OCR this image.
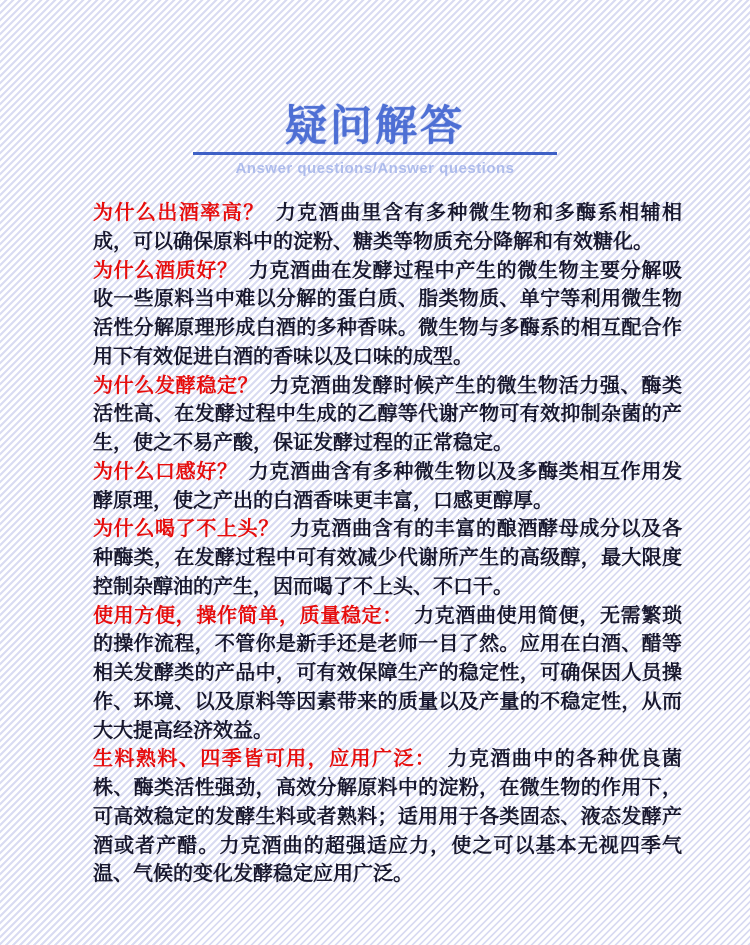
疑问解答
Answer questions/Answer questions

为什么出酒率高？ 力克酒曲里含有多种微生物和多酶系相辅相成，可以确保原料中的淀粉、糖类等物质充分降解和有效糖化。

为什么酒质好？ 力克酒曲在发酵过程中产生的微生物主要分解吸收一些原料当中难以分解的蛋白质、脂类物质、单宁等利用微生物活性分解原理形成白酒的多种香味。微生物与多酶系的相互配合作用下有效促进白酒的香味以及口味的成型。

为什么发酵稳定？ 力克酒曲发酵时候产生的微生物活力强、酶类活性高、在发酵过程中生成的乙醇等代谢产物可有效抑制杂菌的产生，使之不易产酸，保证发酵过程的正常稳定。

为什么口感好？ 力克酒曲含有多种微生物以及多酶类相互作用发酵原理，使之产出的白酒香味更丰富，口感更醇厚。

为什么喝了不上头？ 力克酒曲含有的丰富的酿酒酵母成分以及各种酶类，在发酵过程中可有效减少代谢所产生的高级醇，最大限度控制杂醇油的产生，因而喝了不上头、不口干。

使用方便，操作简单，质量稳定： 力克酒曲使用简便，无需繁琐的操作流程，不管你是新手还是老师一目了然。应用在白酒、醋等相关发酵类的产品中，可有效保障生产的稳定性，可确保因人员操作、环境、以及原料等因素带来的质量以及产量的不稳定性，从而大大提高经济效益。

生料熟料、四季皆可用，应用广泛： 力克酒曲中的各种优良菌株、酶类活性强劲，高效分解原料中的淀粉，在微生物的作用下，可高效稳定的发酵生料或者熟料；适用用于各类固态、液态发酵产酒或者产醋。力克酒曲的超强适应力，使之可以基本无视四季气温、气候的变化发酵稳定应用广泛。
